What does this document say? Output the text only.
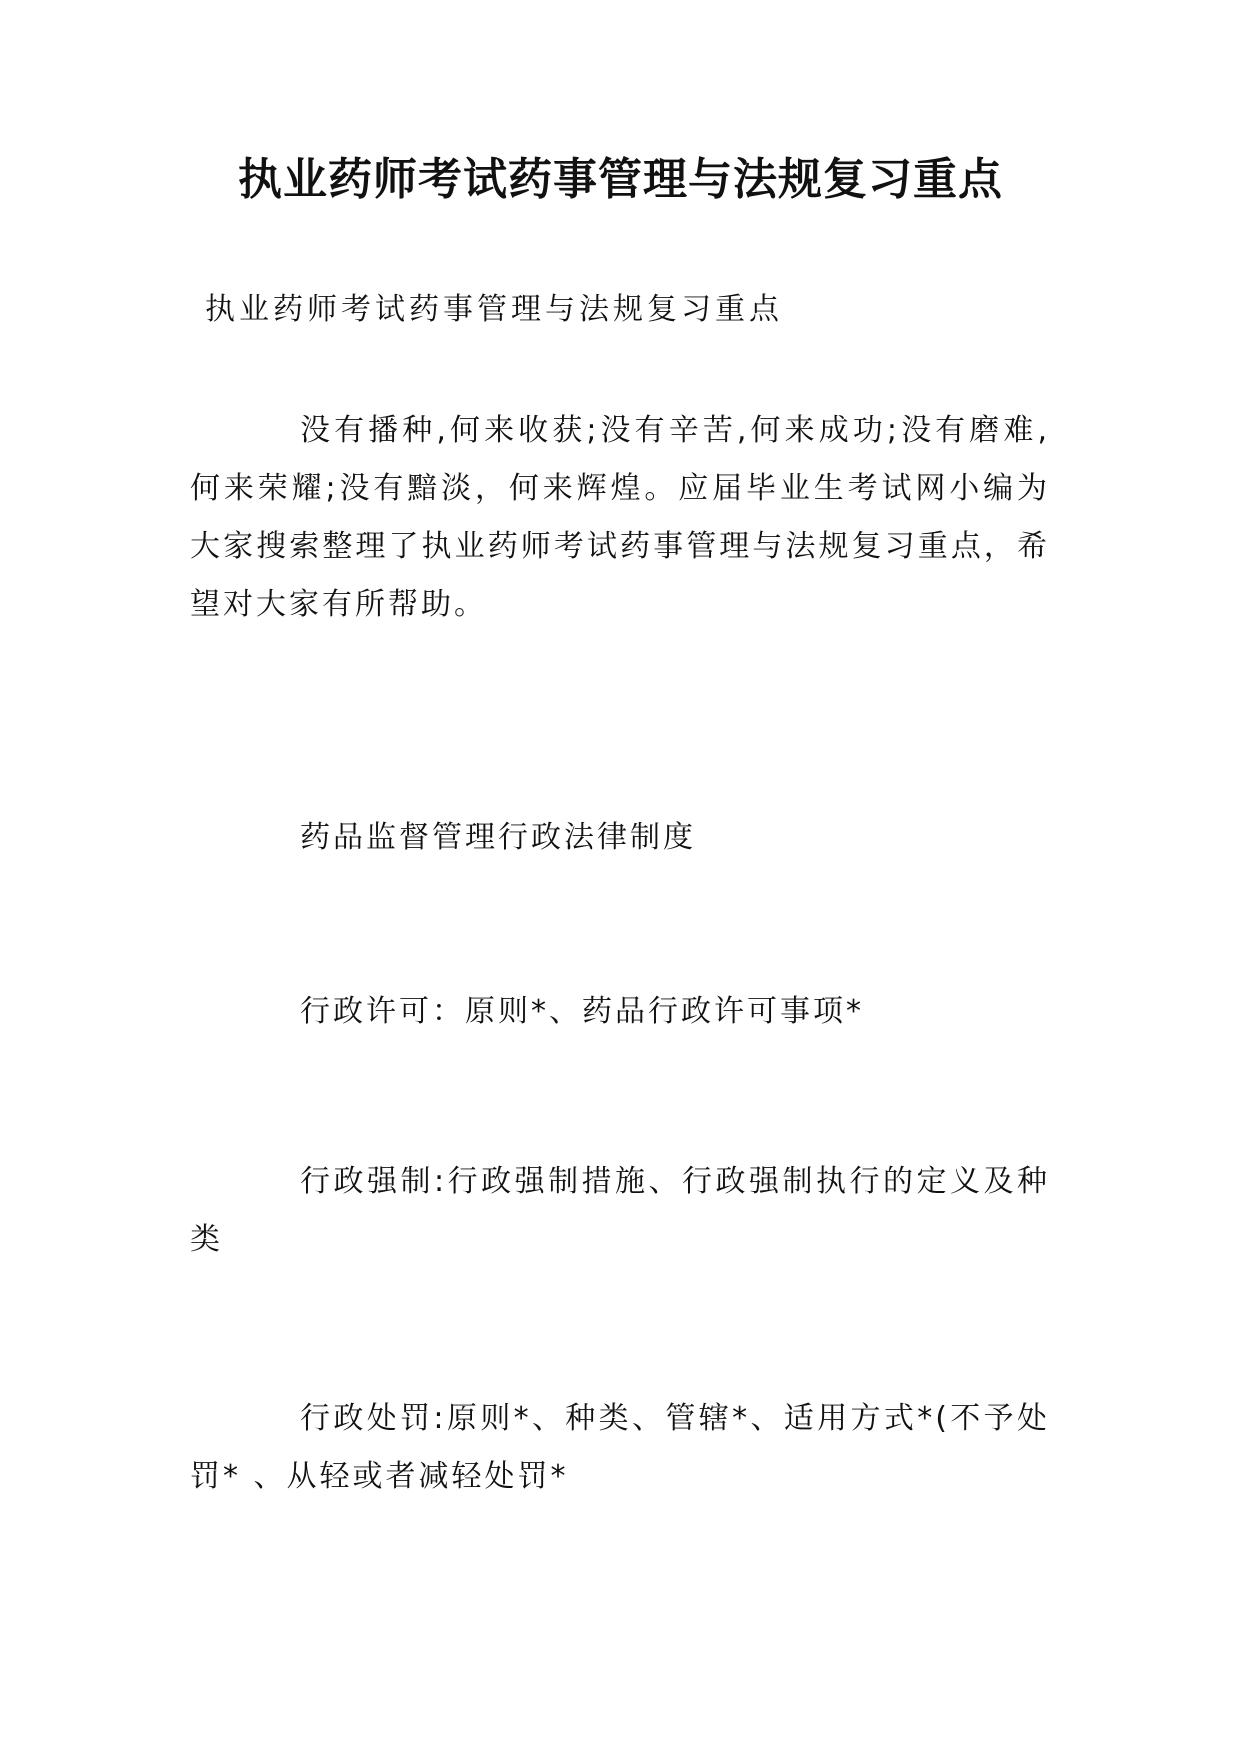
执业药师考试药事管理与法规复习重点
执业药师考试药事管理与法规复习重点

没有播种,何来收获;没有辛苦,何来成功;没有磨难,何来荣耀;没有黯淡，何来辉煌。应届毕业生考试网小编为大家搜索整理了执业药师考试药事管理与法规复习重点，希望对大家有所帮助。

药品监督管理行政法律制度

行政许可：原则*、药品行政许可事项*

行政强制:行政强制措施、行政强制执行的定义及种类

行政处罚:原则*、种类、管辖*、适用方式*(不予处罚* 、从轻或者减轻处罚*
